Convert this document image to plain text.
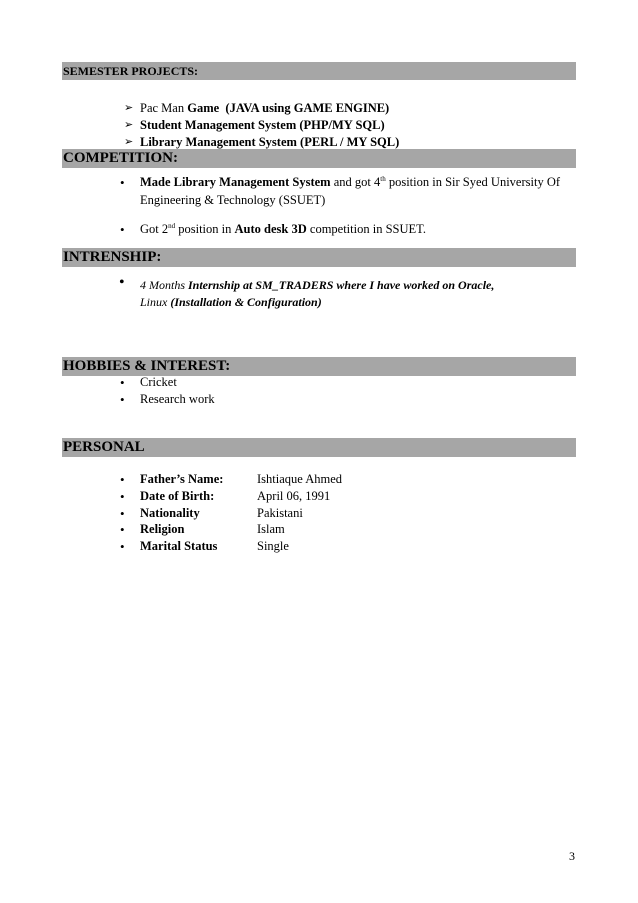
SEMESTER PROJECTS:
➢ Pac Man Game (JAVA using GAME ENGINE)
➢ Student Management System (PHP/MY SQL)
➢ Library Management System (PERL / MY SQL)
COMPETITION:
• Made Library Management System and got 4th position in Sir Syed University Of
Engineering & Technology (SSUET)
• Got 2nd position in Auto desk 3D competition in SSUET.
INTRENSHIP:
• 4 Months Internship at SM_TRADERS where I have worked on Oracle,
Linux (Installation & Configuration)
HOBBIES & INTEREST:
• Cricket
• Research work
PERSONAL
• Father’s Name:	Ishtiaque Ahmed
• Date of Birth:	April 06, 1991
• Nationality	Pakistani
• Religion	Islam
• Marital Status	Single
3
